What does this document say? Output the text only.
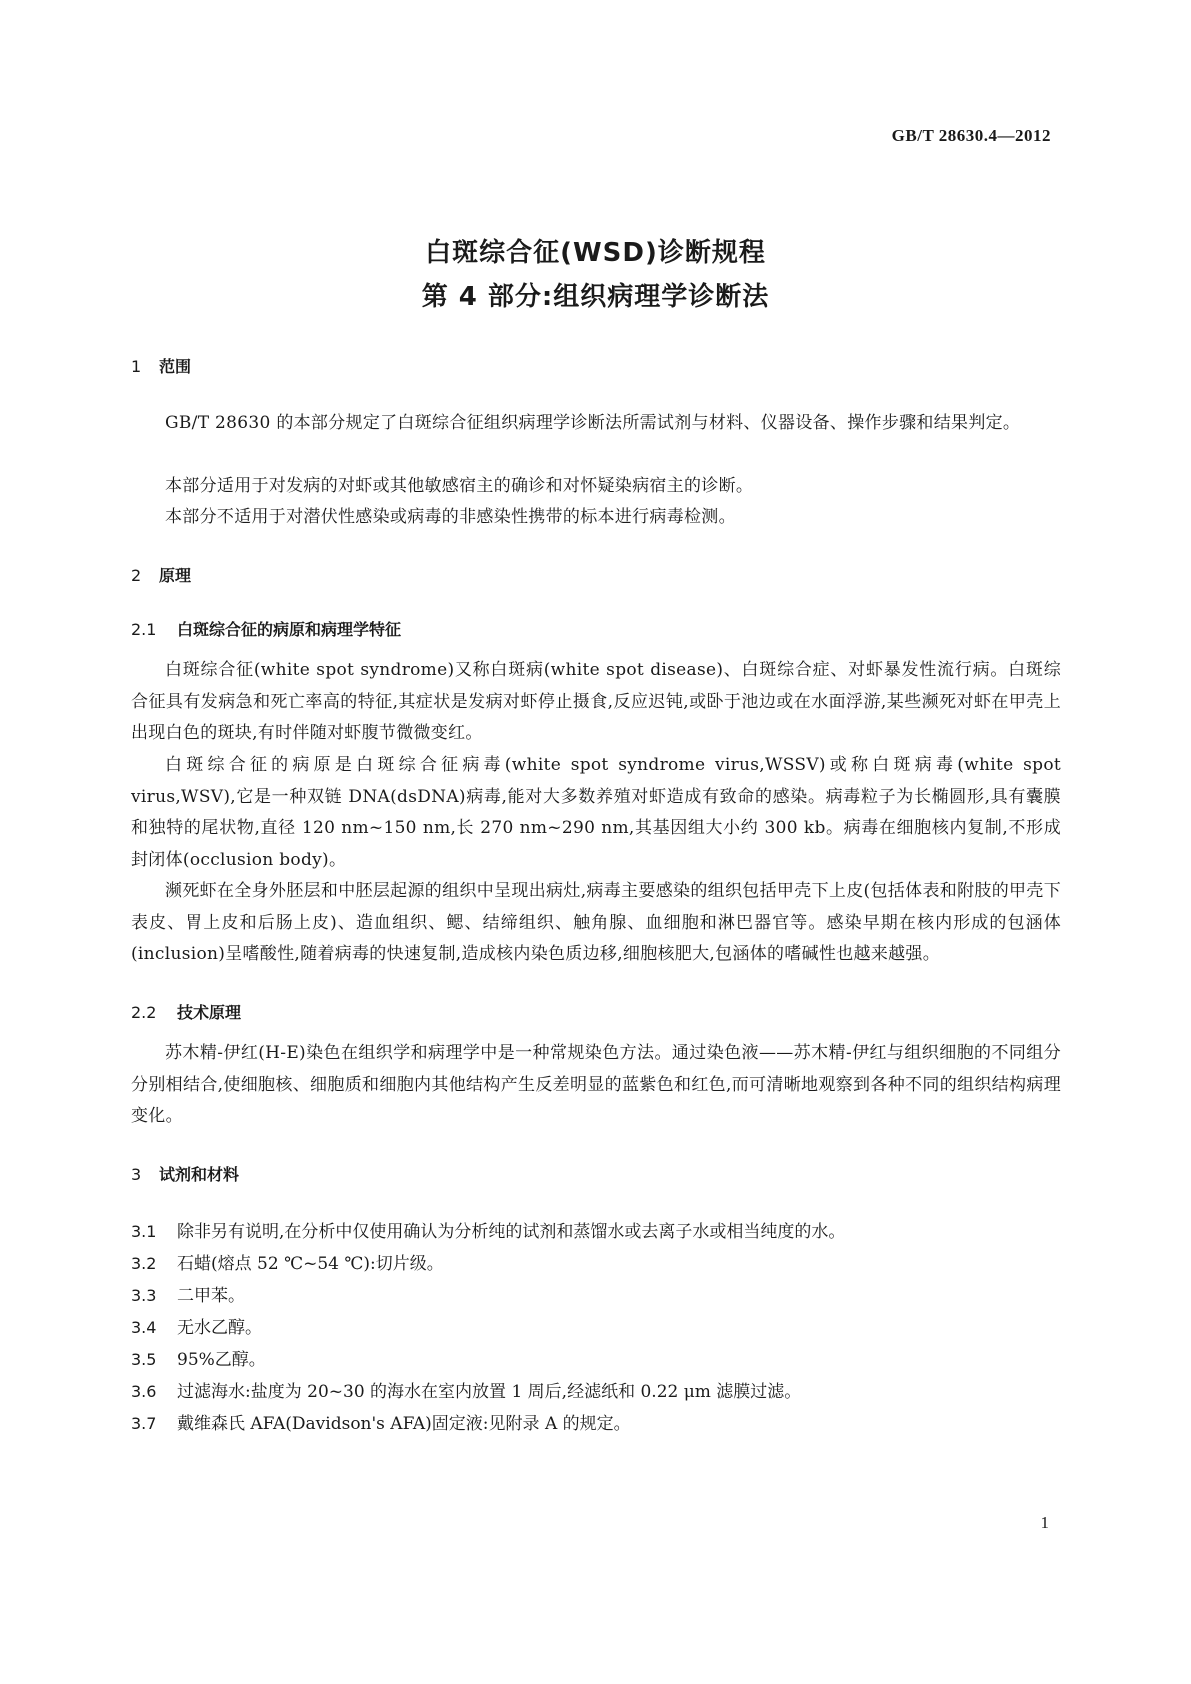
GB/T 28630.4—2012
白斑综合征(WSD)诊断规程
第 4 部分:组织病理学诊断法
1 范围
GB/T 28630 的本部分规定了白斑综合征组织病理学诊断法所需试剂与材料、仪器设备、操作步骤和结果判定。
本部分适用于对发病的对虾或其他敏感宿主的确诊和对怀疑染病宿主的诊断。
本部分不适用于对潜伏性感染或病毒的非感染性携带的标本进行病毒检测。
2 原理
2.1 白斑综合征的病原和病理学特征
白斑综合征(white spot syndrome)又称白斑病(white spot disease)、白斑综合症、对虾暴发性流行病。白斑综合征具有发病急和死亡率高的特征,其症状是发病对虾停止摄食,反应迟钝,或卧于池边或在水面浮游,某些濒死对虾在甲壳上出现白色的斑块,有时伴随对虾腹节微微变红。
白斑综合征的病原是白斑综合征病毒(white spot syndrome virus,WSSV)或称白斑病毒(white spot virus,WSV),它是一种双链 DNA(dsDNA)病毒,能对大多数养殖对虾造成有致命的感染。病毒粒子为长椭圆形,具有囊膜和独特的尾状物,直径 120 nm~150 nm,长 270 nm~290 nm,其基因组大小约 300 kb。病毒在细胞核内复制,不形成封闭体(occlusion body)。
濒死虾在全身外胚层和中胚层起源的组织中呈现出病灶,病毒主要感染的组织包括甲壳下上皮(包括体表和附肢的甲壳下表皮、胃上皮和后肠上皮)、造血组织、鳃、结缔组织、触角腺、血细胞和淋巴器官等。感染早期在核内形成的包涵体(inclusion)呈嗜酸性,随着病毒的快速复制,造成核内染色质边移,细胞核肥大,包涵体的嗜碱性也越来越强。
2.2 技术原理
苏木精-伊红(H-E)染色在组织学和病理学中是一种常规染色方法。通过染色液——苏木精-伊红与组织细胞的不同组分分别相结合,使细胞核、细胞质和细胞内其他结构产生反差明显的蓝紫色和红色,而可清晰地观察到各种不同的组织结构病理变化。
3 试剂和材料
3.1 除非另有说明,在分析中仅使用确认为分析纯的试剂和蒸馏水或去离子水或相当纯度的水。
3.2 石蜡(熔点 52 ℃~54 ℃):切片级。
3.3 二甲苯。
3.4 无水乙醇。
3.5 95%乙醇。
3.6 过滤海水:盐度为 20~30 的海水在室内放置 1 周后,经滤纸和 0.22 μm 滤膜过滤。
3.7 戴维森氏 AFA(Davidson's AFA)固定液:见附录 A 的规定。
1
